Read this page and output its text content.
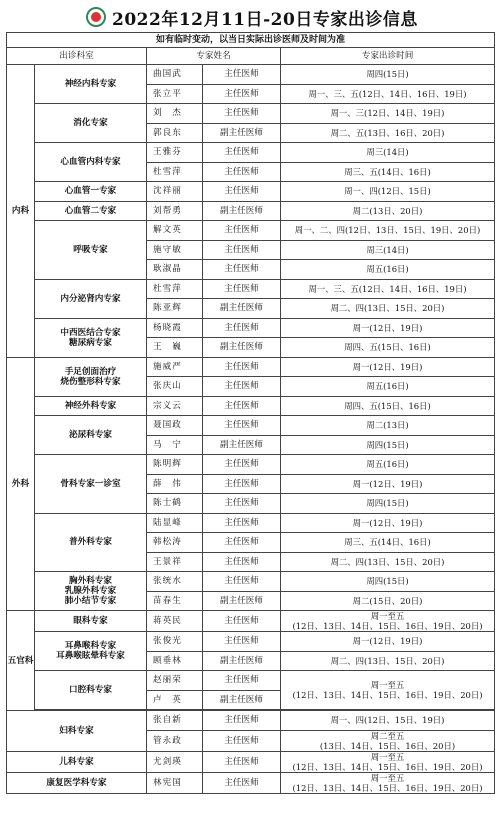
2022年12月11日-20日专家出诊信息
如有临时变动，以当日实际出诊医师及时间为准				
出诊科室		专家姓名		专家出诊时间
内科	神经内科专家	曲国武	主任医师	周四(15日)
		张立平	主任医师	周一、三、五(12日、14日、16日、19日)
	消化专家	刘　杰	主任医师	周一、三(12日、14日、19日)
		郭良东	副主任医师	周二、五(13日、16日、20日)
	心血管内科专家	王雅芬	主任医师	周三(14日)
		杜雪萍	主任医师	周三、五(14日、16日)
	心血管一专家	沈祥丽	主任医师	周一、四(12日、15日)
	心血管二专家	刘帮勇	副主任医师	周二(13日、20日)
	呼吸专家	解文英	主任医师	周一、二、四(12日、13日、15日、19日、20日)
		施守敏	主任医师	周三(14日)
		耿淑晶	主任医师	周五(16日)
	内分泌肾内专家	杜雪萍	主任医师	周一、三、五(12日、14日、16日、19日)
		陈亚辉	副主任医师	周二、四(13日、15日、20日)

	中西医结合专家
糖尿病专家	杨晓霞	主任医师	周一(12日、19日)
		王　巍	副主任医师	周四、五(15日、16日)
外科	手足创面治疗
烧伤整形科专家	施威严	主任医师	周一(12日、19日)
		张庆山	主任医师	周五(16日)
	神经外科专家	宗义云	主任医师	周四、五(15日、16日)
	泌尿科专家	聂国政	主任医师	周二(13日)
		马　宁	副主任医师	周四(15日)
	骨科专家一诊室	陈明辉	主任医师	周五(16日)
		薛　伟	主任医师	周一(12日、19日)
		陈士鹤	主任医师	周四(15日)
	普外科专家	陆显峰	主任医师	周一(12日、19日)
		韩松涛	主任医师	周三、五(14日、16日)
		王景祥	主任医师	周二、四(13日、15日、20日)

	胸外科专家
乳腺外科专家
肺小结节专家	张统水	主任医师	周四(15日)
		苗春生	副主任医师	周二(15日、20日)
五官科	眼科专家	蒋英民	主任医师	周一至五
(12日、13日、14日、15日、16日、19日、20日)

	耳鼻喉科专家
耳鼻喉眩晕科专家	张俊光	主任医师	周一(12日、19日)
		顾垂林	副主任医师	周二、四(13日、15日、20日)
	口腔科专家	赵丽荣	主任医师	周一至五
(12日、13日、14日、15日、16日、19日、20日)

		卢　英	副主任医师	

妇科专家		张自新	主任医师	周一、四(12日、15日、19日)
		管永政	主任医师	周二至五
(13日、14日、15日、16日、20日)

儿科专家		尤剑瑛	主任医师	周一至五
(12日、13日、14日、15日、16日、19日、20日)

康复医学科专家		林宪国	主任医师	周一至五
(12日、13日、14日、15日、16日、19日、20日)
